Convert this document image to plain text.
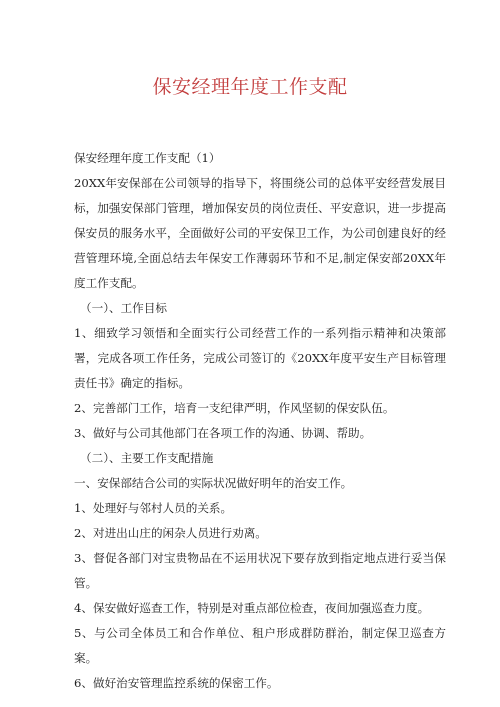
保安经理年度工作支配

保安经理年度工作支配（1）

20XX年安保部在公司领导的指导下，将围绕公司的总体平安经营发展目标，加强安保部门管理，增加保安员的岗位责任、平安意识，进一步提高保安员的服务水平，全面做好公司的平安保卫工作，为公司创建良好的经营管理环境,全面总结去年保安工作薄弱环节和不足,制定保安部20XX年度工作支配。

（一）、工作目标

1、细致学习领悟和全面实行公司经营工作的一系列指示精神和决策部署，完成各项工作任务，完成公司签订的《20XX年度平安生产目标管理责任书》确定的指标。

2、完善部门工作，培育一支纪律严明，作风坚韧的保安队伍。

3、做好与公司其他部门在各项工作的沟通、协调、帮助。

（二）、主要工作支配措施

一、安保部结合公司的实际状况做好明年的治安工作。

1、处理好与邻村人员的关系。

2、对进出山庄的闲杂人员进行劝离。

3、督促各部门对宝贵物品在不运用状况下要存放到指定地点进行妥当保管。

4、保安做好巡查工作，特别是对重点部位检查，夜间加强巡查力度。

5、与公司全体员工和合作单位、租户形成群防群治，制定保卫巡查方案。

6、做好治安管理监控系统的保密工作。
